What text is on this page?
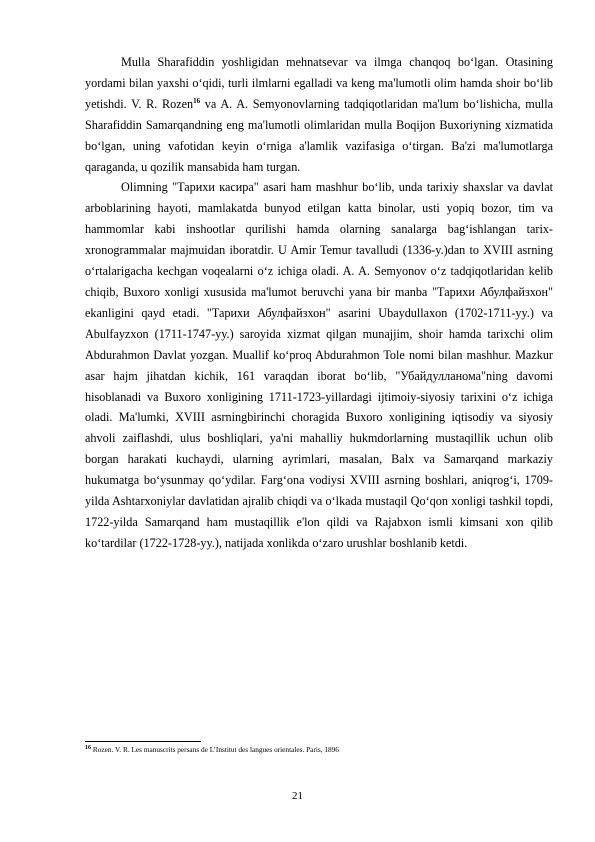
Mulla Sharafiddin yoshligidan mehnatsevar va ilmga chanqoq boʻlgan. Otasining yordami bilan yaxshi oʻqidi, turli ilmlarni egalladi va keng ma'lumotli olim hamda shoir boʻlib yetishdi. V. R. Rozen$^{16}$ va A. A. Semyonovlarning tadqiqotlaridan ma'lum boʻlishicha, mulla Sharafiddin Samarqandning eng ma'lumotli olimlaridan mulla Boqijon Buxoriyning xizmatida boʻlgan, uning vafotidan keyin oʻrniga a'lamlik vazifasiga oʻtirgan. Ba'zi ma'lumotlarga qaraganda, u qozilik mansabida ham turgan.

Olimning "Тарихи касира" asari ham mashhur boʻlib, unda tarixiy shaxslar va davlat arboblarining hayoti, mamlakatda bunyod etilgan katta binolar, usti yopiq bozor, tim va hammomlar kabi inshootlar qurilishi hamda olarning sanalarga bagʻishlangan tarix-xronogrammalar majmuidan iboratdir. U Amir Temur tavalludi (1336-y.)dan to XVIII asrning oʻrtalarigacha kechgan voqealarni oʻz ichiga oladi. A. A. Semyonov oʻz tadqiqotlaridan kelib chiqib, Buxoro xonligi xususida ma'lumot beruvchi yana bir manba "Тарихи Абулфайзхон" ekanligini qayd etadi. "Тарихи Абулфайзхон" asarini Ubaydullaxon (1702-1711-yy.) va Abulfayzxon (1711-1747-yy.) saroyida xizmat qilgan munajjim, shoir hamda tarixchi olim Abdurahmon Davlat yozgan. Muallif koʻproq Abdurahmon Tole nomi bilan mashhur. Mazkur asar hajm jihatdan kichik, 161 varaqdan iborat boʻlib, "Убайдулланома"ning davomi hisoblanadi va Buxoro xonligining 1711-1723-yillardagi ijtimoiy-siyosiy tarixini oʻz ichiga oladi. Ma'lumki, XVIII asrningbirinchi choragida Buxoro xonligining iqtisodiy va siyosiy ahvoli zaiflashdi, ulus boshliqlari, ya'ni mahalliy hukmdorlarning mustaqillik uchun olib borgan harakati kuchaydi, ularning ayrimlari, masalan, Balx va Samarqand markaziy hukumatga boʻysunmay qoʻydilar. Fargʻona vodiysi XVIII asrning boshlari, aniqrogʻi, 1709-yilda Ashtarxoniylar davlatidan ajralib chiqdi va oʻlkada mustaqil Qoʻqon xonligi tashkil topdi, 1722-yilda Samarqand ham mustaqillik e'lon qildi va Rajabxon ismli kimsani xon qilib koʻtardilar (1722-1728-yy.), natijada xonlikda oʻzaro urushlar boshlanib ketdi.

$^{16}$ Rozen. V. R. Les manuscrits persans de L’Institut des langues orientales. Paris, 1896
21
